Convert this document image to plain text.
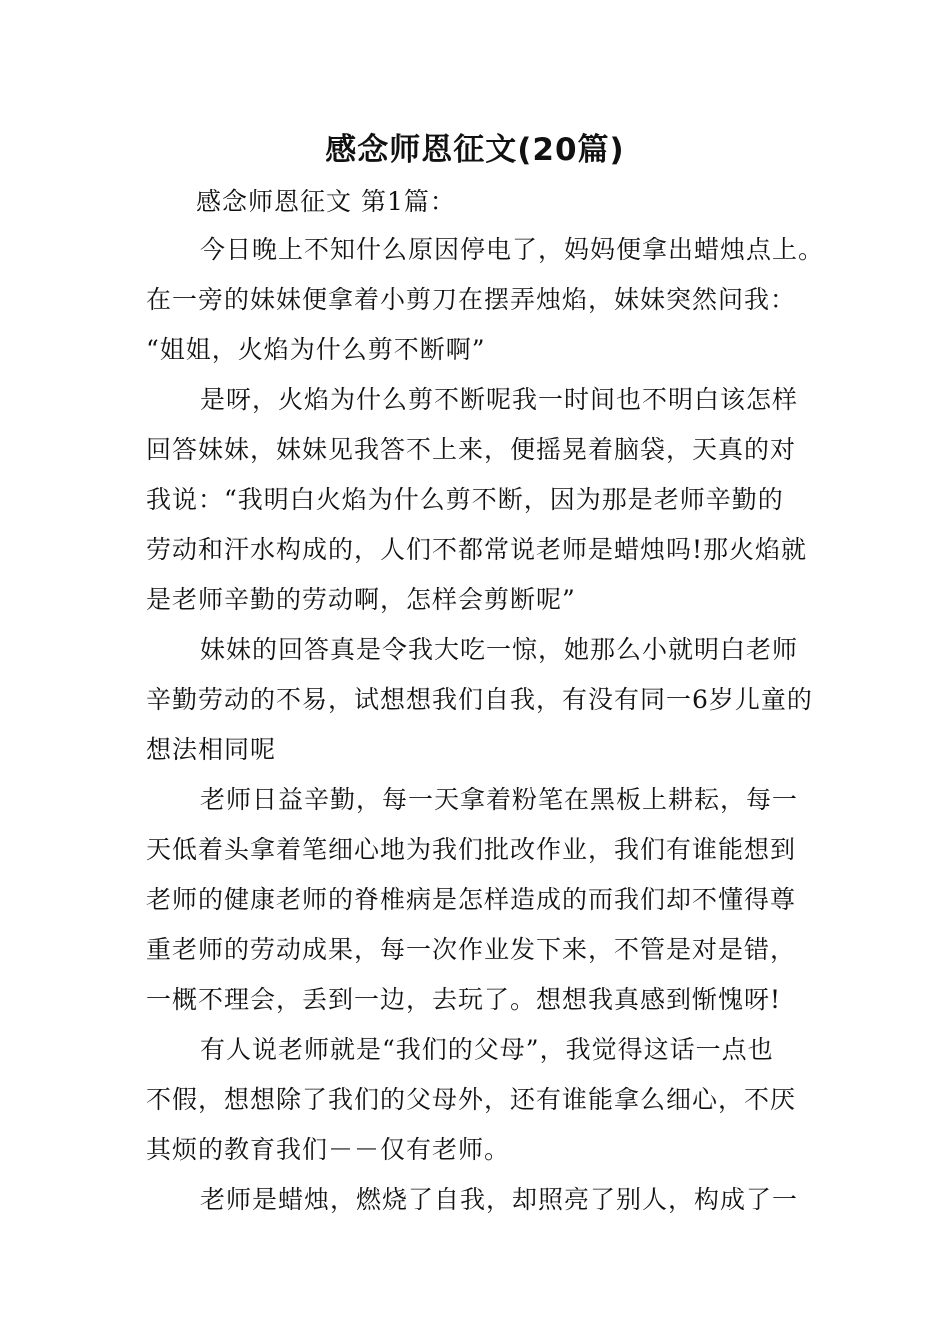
感念师恩征文(20篇)
感念师恩征文 第1篇：
今日晚上不知什么原因停电了，妈妈便拿出蜡烛点上。
在一旁的妹妹便拿着小剪刀在摆弄烛焰，妹妹突然问我：
“姐姐，火焰为什么剪不断啊”
是呀，火焰为什么剪不断呢我一时间也不明白该怎样
回答妹妹，妹妹见我答不上来，便摇晃着脑袋，天真的对
我说：“我明白火焰为什么剪不断，因为那是老师辛勤的
劳动和汗水构成的，人们不都常说老师是蜡烛吗!那火焰就
是老师辛勤的劳动啊，怎样会剪断呢”
妹妹的回答真是令我大吃一惊，她那么小就明白老师
辛勤劳动的不易，试想想我们自我，有没有同一6岁儿童的
想法相同呢
老师日益辛勤，每一天拿着粉笔在黑板上耕耘，每一
天低着头拿着笔细心地为我们批改作业，我们有谁能想到
老师的健康老师的脊椎病是怎样造成的而我们却不懂得尊
重老师的劳动成果，每一次作业发下来，不管是对是错，
一概不理会，丢到一边，去玩了。想想我真感到惭愧呀!
有人说老师就是“我们的父母”，我觉得这话一点也
不假，想想除了我们的父母外，还有谁能拿么细心，不厌
其烦的教育我们－－仅有老师。
老师是蜡烛，燃烧了自我，却照亮了别人，构成了一
